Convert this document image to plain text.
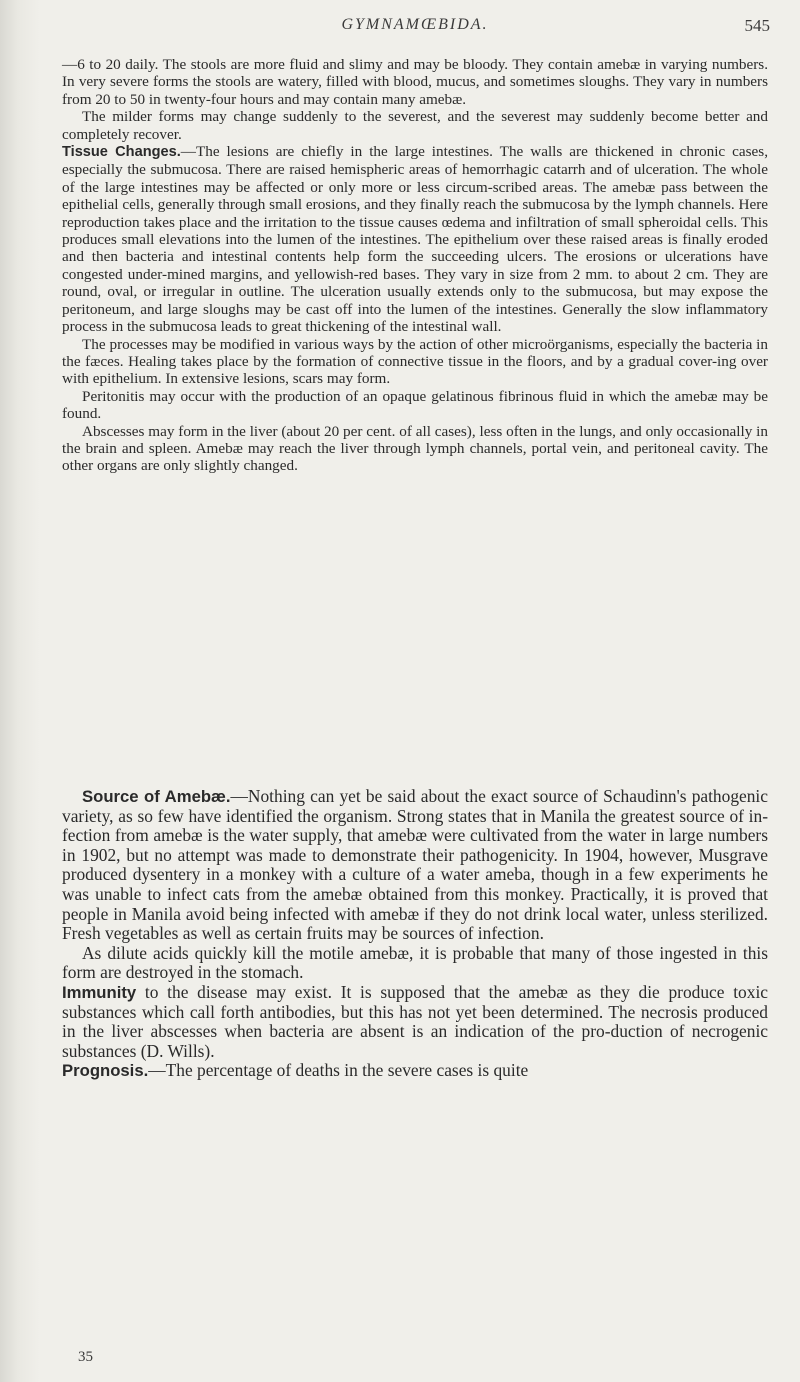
GYMNAMŒBIDA.	545

—6 to 20 daily. The stools are more fluid and slimy and may be bloody. They contain amebæ in varying numbers. In very severe forms the stools are watery, filled with blood, mucus, and sometimes sloughs. They vary in numbers from 20 to 50 in twenty-four hours and may contain many amebæ.

The milder forms may change suddenly to the severest, and the severest may suddenly become better and completely recover.

Tissue Changes.—The lesions are chiefly in the large intestines. The walls are thickened in chronic cases, especially the submucosa. There are raised hemispheric areas of hemorrhagic catarrh and of ulceration. The whole of the large intestines may be affected or only more or less circum-scribed areas. The amebæ pass between the epithelial cells, generally through small erosions, and they finally reach the submucosa by the lymph channels. Here reproduction takes place and the irritation to the tissue causes œdema and infiltration of small spheroidal cells. This produces small elevations into the lumen of the intestines. The epithelium over these raised areas is finally eroded and then bacteria and intestinal contents help form the succeeding ulcers. The erosions or ulcerations have congested under-mined margins, and yellowish-red bases. They vary in size from 2 mm. to about 2 cm. They are round, oval, or irregular in outline. The ulceration usually extends only to the submucosa, but may expose the peritoneum, and large sloughs may be cast off into the lumen of the intestines. Generally the slow inflammatory process in the submucosa leads to great thickening of the intestinal wall.

The processes may be modified in various ways by the action of other microörganisms, especially the bacteria in the fæces. Healing takes place by the formation of connective tissue in the floors, and by a gradual cover-ing over with epithelium. In extensive lesions, scars may form.

Peritonitis may occur with the production of an opaque gelatinous fibrinous fluid in which the amebæ may be found.

Abscesses may form in the liver (about 20 per cent. of all cases), less often in the lungs, and only occasionally in the brain and spleen. Amebæ may reach the liver through lymph channels, portal vein, and peritoneal cavity. The other organs are only slightly changed.

Source of Amebæ.—Nothing can yet be said about the exact source of Schaudinn's pathogenic variety, as so few have identified the organism. Strong states that in Manila the greatest source of in-fection from amebæ is the water supply, that amebæ were cultivated from the water in large numbers in 1902, but no attempt was made to demonstrate their pathogenicity. In 1904, however, Musgrave produced dysentery in a monkey with a culture of a water ameba, though in a few experiments he was unable to infect cats from the amebæ obtained from this monkey. Practically, it is proved that people in Manila avoid being infected with amebæ if they do not drink local water, unless sterilized. Fresh vegetables as well as certain fruits may be sources of infection.

As dilute acids quickly kill the motile amebæ, it is probable that many of those ingested in this form are destroyed in the stomach.

Immunity to the disease may exist. It is supposed that the amebæ as they die produce toxic substances which call forth antibodies, but this has not yet been determined. The necrosis produced in the liver abscesses when bacteria are absent is an indication of the pro-duction of necrogenic substances (D. Wills).

Prognosis.—The percentage of deaths in the severe cases is quite

35
